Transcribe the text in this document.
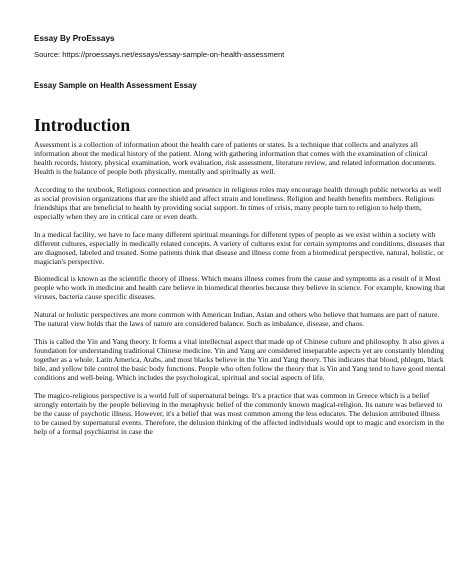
Essay By ProEssays
Source: https://proessays.net/essays/essay-sample-on-health-assessment
Essay Sample on Health Assessment Essay
Introduction

Assessment is a collection of information about the health care of patients or states. Is a technique that collects and analyzes all information about the medical history of the patient. Along with gathering information that comes with the examination of clinical health records, history, physical examination, work evaluation, risk assessment, literature review, and related information documents. Health is the balance of people both physically, mentally and spiritually as well.

According to the textbook, Religious connection and presence in religious roles may encourage health through public networks as well as social provision organizations that are the shield and affect strain and loneliness. Religion and health benefits members. Religious friendships that are beneficial to health by providing social support. In times of crisis, many people turn to religion to help them, especially when they are in critical care or even death.

In a medical facility, we have to face many different spiritual meanings for different types of people as we exist within a society with different cultures, especially in medically related concepts. A variety of cultures exist for certain symptoms and conditions, diseases that are diagnosed, labeled and treated. Some patients think that disease and illness come from a biomedical perspective, natural, holistic, or magician's perspective.

Biomedical is known as the scientific theory of illness. Which means illness comes from the cause and symptoms as a result of it Most people who work in medicine and health care believe in biomedical theories because they believe in science. For example, knowing that viruses, bacteria cause specific diseases.

Natural or holistic perspectives are more common with American Indian, Asian and others who believe that humans are part of nature. The natural view holds that the laws of nature are considered balance. Such as imbalance, disease, and chaos.

This is called the Yin and Yang theory. It forms a vital intellectual aspect that made up of Chinese culture and philosophy. It also gives a foundation for understanding traditional Chinese medicine. Yin and Yang are considered inseparable aspects yet are constantly blending together as a whole. Latin America, Arabs, and most blacks believe in the Yin and Yang theory. This indicates that blood, phlegm, black bile, and yellow bile control the basic body functions. People who often follow the theory that is Yin and Yang tend to have good mental conditions and well-being. Which includes the psychological, spiritual and social aspects of life.

The magico-religious perspective is a world full of supernatural beings. It's a practice that was common in Greece which is a belief strongly entertain by the people believing in the metaphysic belief of the commonly known magical-religion. Its nature was believed to be the cause of psychotic illness. However, it's a belief that was most common among the less educates. The delusion attributed illness to be caused by supernatural events. Therefore, the delusion thinking of the affected individuals would opt to magic and exorcism in the help of a formal psychiatrist in case the
